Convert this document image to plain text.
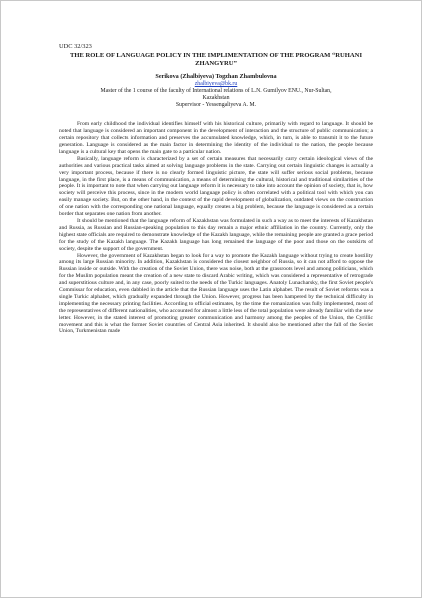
UDC 32/323

THE ROLE OF LANGUAGE POLICY IN THE IMPLIMENTATION OF THE PROGRAM “RUHANI ZHANGYRU”

Serikova (Zhalbiyeva) Togzhan Zhambulovna

zhalbiyeva@bk.ru

Master of the 1 course of the faculty of International relations of L.N. Gumilyov ENU., Nur-Sultan, Kazakhstan

Supervisor - Yessengaliyeva A. M.

From early childhood the individual identifies himself with his historical culture, primarily with regard to language. It should be noted that language is considered an important component in the development of interaction and the structure of public communication; a certain repository that collects information and preserves the accumulated knowledge, which, in turn, is able to transmit it to the future generation. Language is considered as the main factor in determining the identity of the individual to the nation, the people because language is a cultural key that opens the main gate to a particular nation.

Basically, language reform is characterized by a set of certain measures that necessarily carry certain ideological views of the authorities and various practical tasks aimed at solving language problems in the state. Carrying out certain linguistic changes is actually a very important process, because if there is no clearly formed linguistic picture, the state will suffer serious social problems, because language, in the first place, is a means of communication, a means of determining the cultural, historical and traditional similarities of the people. It is important to note that when carrying out language reform it is necessary to take into account the opinion of society, that is, how society will perceive this process, since in the modern world language policy is often correlated with a political tool with which you can easily manage society. But, on the other hand, in the context of the rapid development of globalization, outdated views on the construction of one nation with the corresponding one national language, equally creates a big problem, because the language is considered as a certain border that separates one nation from another.

It should be mentioned that the language reform of Kazakhstan was formulated in such a way as to meet the interests of Kazakhstan and Russia, as Russian and Russian-speaking population to this day remain a major ethnic affiliation in the country. Currently, only the highest state officials are required to demonstrate knowledge of the Kazakh language, while the remaining people are granted a grace period for the study of the Kazakh language. The Kazakh language has long remained the language of the poor and those on the outskirts of society, despite the support of the government.

However, the government of Kazakhstan began to look for a way to promote the Kazakh language without trying to create hostility among its large Russian minority. In addition, Kazakhstan is considered the closest neighbor of Russia, so it can not afford to oppose the Russian inside or outside. With the creation of the Soviet Union, there was noise, both at the grassroots level and among politicians, which for the Muslim population meant the creation of a new state to discard Arabic writing, which was considered a representative of retrograde and superstitious culture and, in any case, poorly suited to the needs of the Turkic languages. Anatoly Lunacharsky, the first Soviet people's Commissar for education, even dabbled in the article that the Russian language uses the Latin alphabet. The result of Soviet reforms was a single Turkic alphabet, which gradually expanded through the Union. However, progress has been hampered by the technical difficulty in implementing the necessary printing facilities. According to official estimates, by the time the romanization was fully implemented, most of the representatives of different nationalities, who accounted for almost a little less of the total population were already familiar with the new letter. However, in the stated interest of promoting greater communication and harmony among the peoples of the Union, the Cyrillic movement and this is what the former Soviet countries of Central Asia inherited. It should also be mentioned after the fall of the Soviet Union, Turkmenistan made
